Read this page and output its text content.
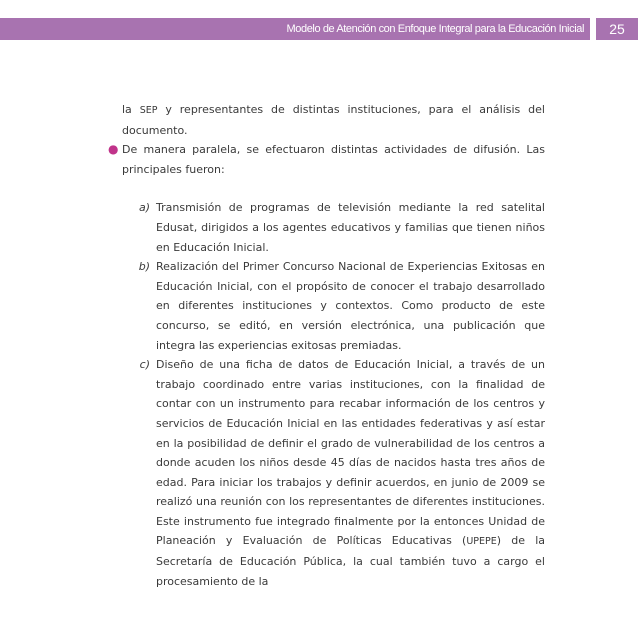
Modelo de Atención con Enfoque Integral para la Educación Inicial	25

la SEP y representantes de distintas instituciones, para el análisis del documento.

● De manera paralela, se efectuaron distintas actividades de difusión. Las principales fueron:

a) Transmisión de programas de televisión mediante la red satelital Edusat, dirigidos a los agentes educativos y familias que tienen niños en Educación Inicial.
b) Realización del Primer Concurso Nacional de Experiencias Exitosas en Educación Inicial, con el propósito de conocer el trabajo desarrollado en diferentes instituciones y contextos. Como producto de este concurso, se editó, en versión electrónica, una publicación que integra las experiencias exitosas premiadas.
c) Diseño de una ficha de datos de Educación Inicial, a través de un trabajo coordinado entre varias instituciones, con la finalidad de contar con un instrumento para recabar información de los centros y servicios de Educación Inicial en las entidades federativas y así estar en la posibilidad de definir el grado de vulnerabilidad de los centros a donde acuden los niños desde 45 días de nacidos hasta tres años de edad. Para iniciar los trabajos y definir acuerdos, en junio de 2009 se realizó una reunión con los representantes de diferentes instituciones. Este instrumento fue integrado finalmente por la entonces Unidad de Planeación y Evaluación de Políticas Educativas (UPEPE) de la Secretaría de Educación Pública, la cual también tuvo a cargo el procesamiento de la
